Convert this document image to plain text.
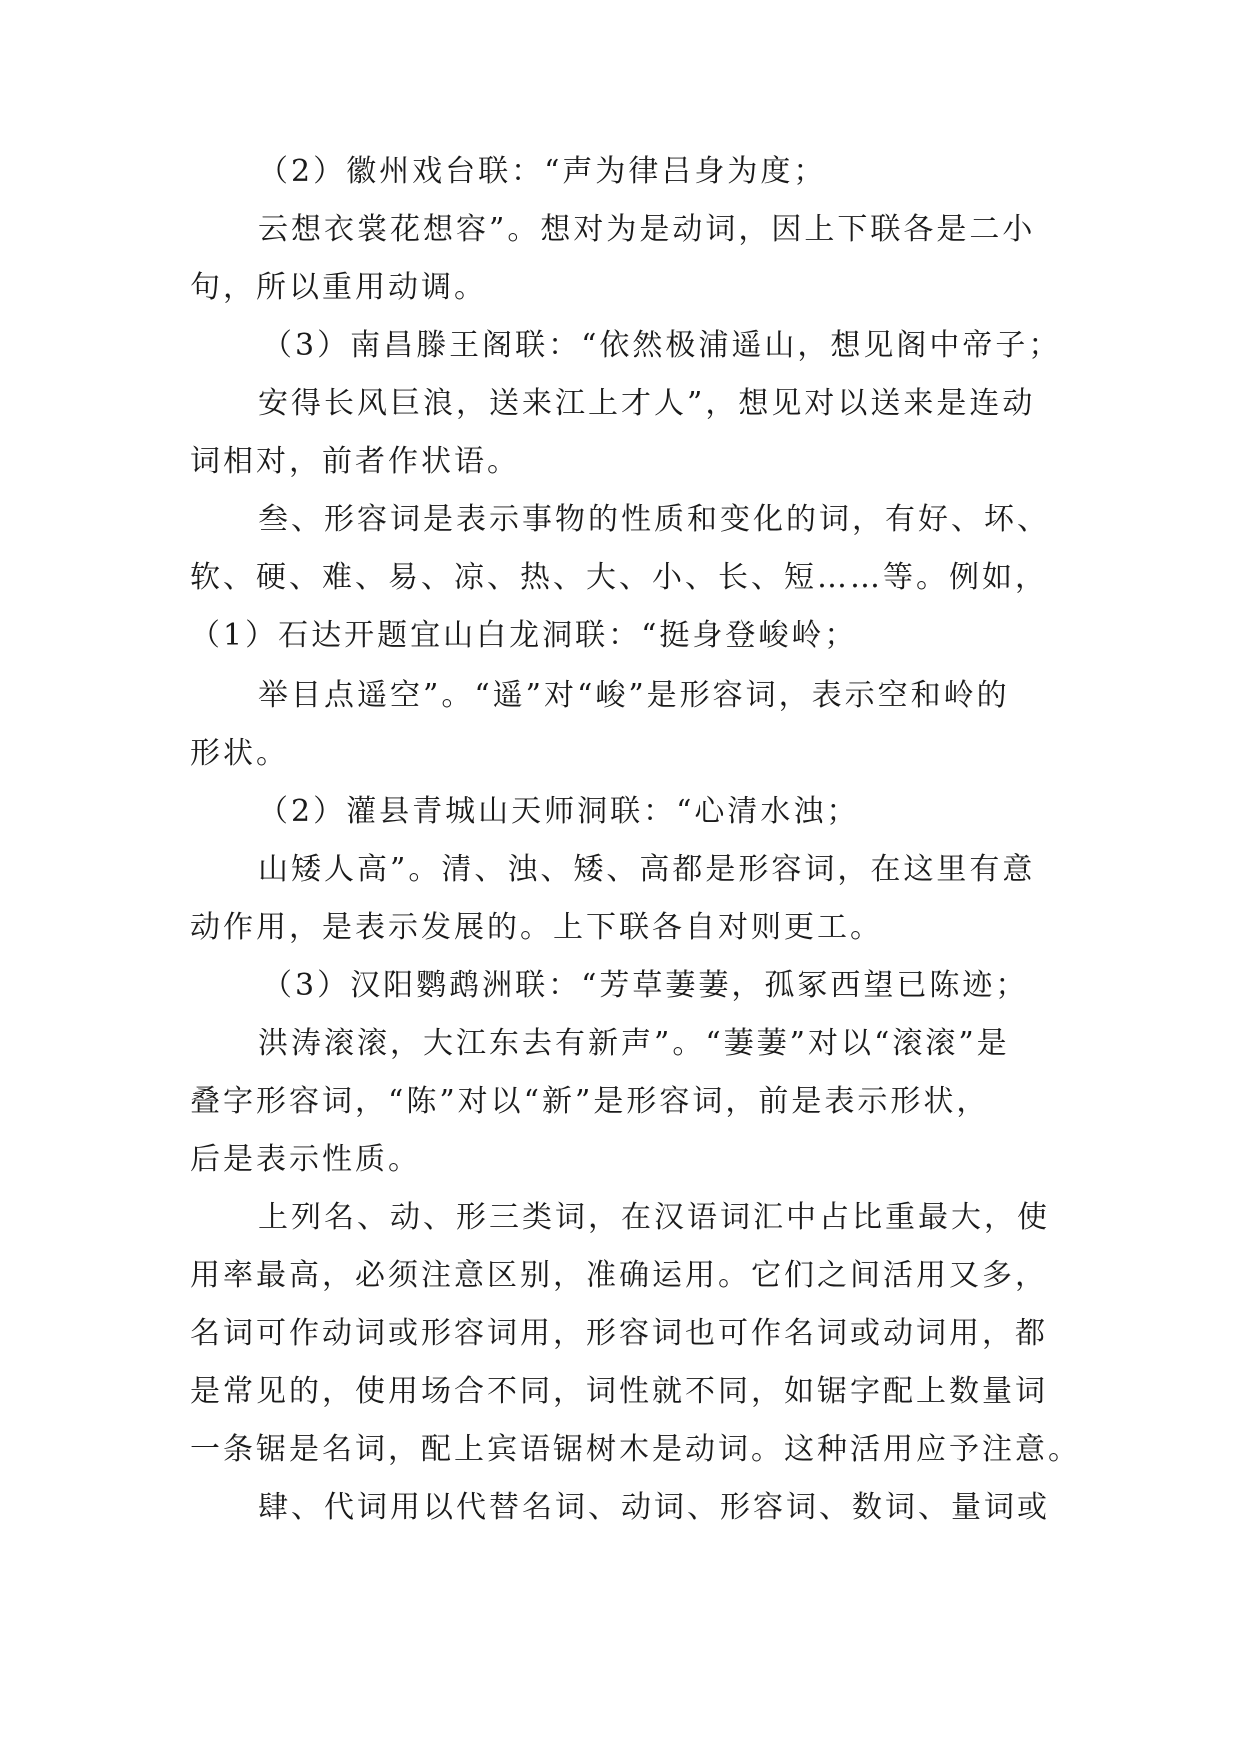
（2）徽州戏台联：“声为律吕身为度；
云想衣裳花想容”。想对为是动词，因上下联各是二小
句，所以重用动调。
（3）南昌滕王阁联：“依然极浦遥山，想见阁中帝子；
安得长风巨浪，送来江上才人”，想见对以送来是连动
词相对，前者作状语。
叁、形容词是表示事物的性质和变化的词，有好、坏、
软、硬、难、易、凉、热、大、小、长、短……等。例如，
（1）石达开题宜山白龙洞联：“挺身登峻岭；
举目点遥空”。“遥”对“峻”是形容词，表示空和岭的
形状。
（2）灌县青城山天师洞联：“心清水浊；
山矮人高”。清、浊、矮、高都是形容词，在这里有意
动作用，是表示发展的。上下联各自对则更工。
（3）汉阳鹦鹉洲联：“芳草萋萋，孤冢西望已陈迹；
洪涛滚滚，大江东去有新声”。“萋萋”对以“滚滚”是
叠字形容词，“陈”对以“新”是形容词，前是表示形状，
后是表示性质。
上列名、动、形三类词，在汉语词汇中占比重最大，使
用率最高，必须注意区别，准确运用。它们之间活用又多，
名词可作动词或形容词用，形容词也可作名词或动词用，都
是常见的，使用场合不同，词性就不同，如锯字配上数量词
一条锯是名词，配上宾语锯树木是动词。这种活用应予注意。
肆、代词用以代替名词、动词、形容词、数词、量词或
